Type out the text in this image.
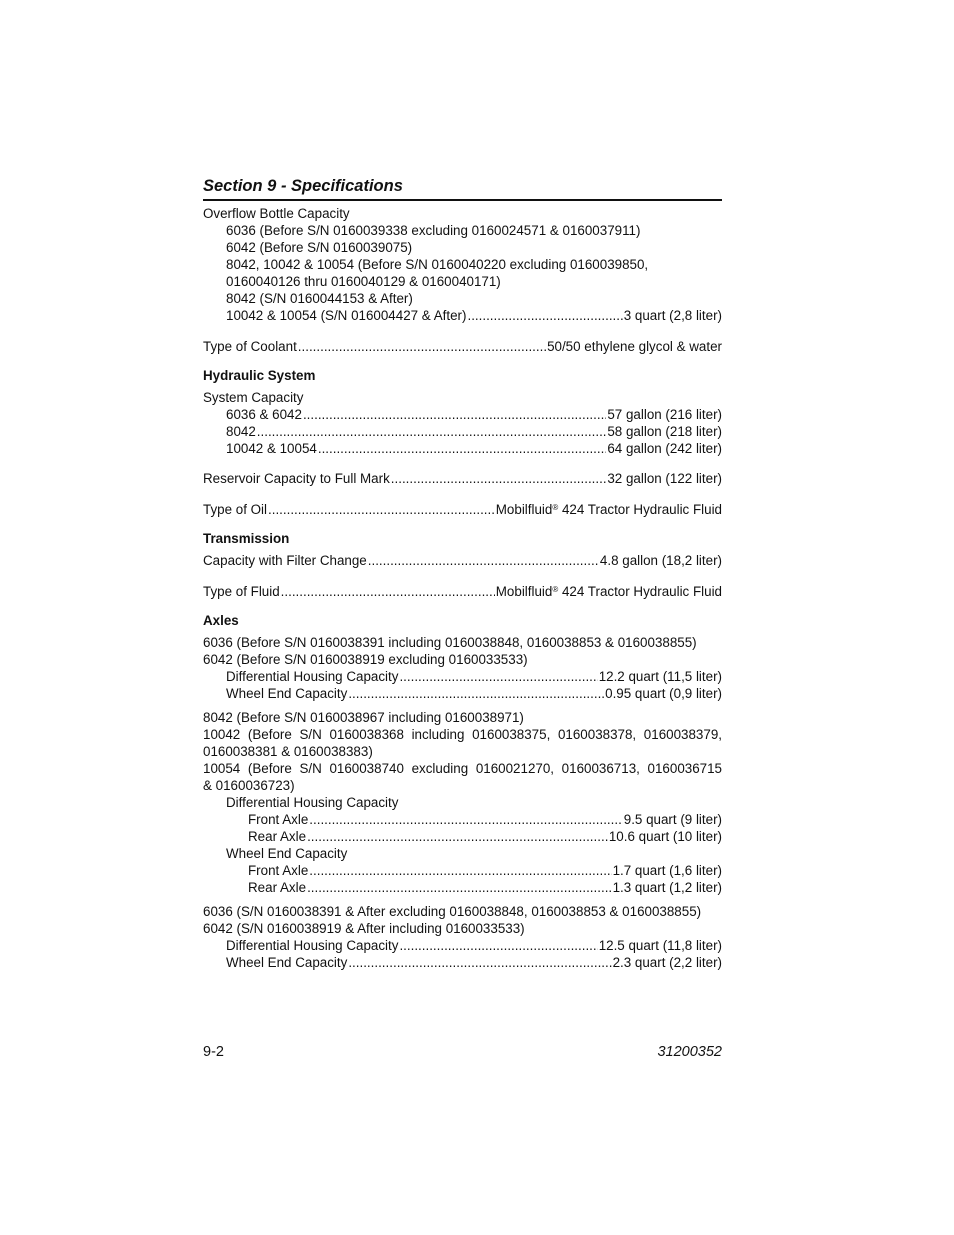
Section 9 - Specifications
Overflow Bottle Capacity
6036 (Before S/N 0160039338 excluding 0160024571 & 0160037911)
6042 (Before S/N 0160039075)
8042, 10042 & 10054 (Before S/N 0160040220 excluding 0160039850,
0160040126 thru 0160040129 & 0160040171)
8042 (S/N 0160044153 & After)
10042 & 10054 (S/N 016004427 & After) .....	3 quart (2,8 liter)
Type of Coolant .....	50/50 ethylene glycol & water
Hydraulic System
System Capacity
6036 & 6042 .....	57 gallon (216 liter)
8042 .....	58 gallon (218 liter)
10042 & 10054 .....	64 gallon (242 liter)
Reservoir Capacity to Full Mark .....	32 gallon (122 liter)
Type of Oil .....	Mobilfluid® 424 Tractor Hydraulic Fluid
Transmission
Capacity with Filter Change .....	4.8 gallon (18,2 liter)
Type of Fluid .....	Mobilfluid® 424 Tractor Hydraulic Fluid
Axles
6036 (Before S/N 0160038391 including 0160038848, 0160038853 & 0160038855)
6042 (Before S/N 0160038919 excluding 0160033533)
Differential Housing Capacity .....	12.2 quart (11,5 liter)
Wheel End Capacity .....	0.95 quart (0,9 liter)
8042 (Before S/N 0160038967 including 0160038971)
10042 (Before S/N 0160038368 including 0160038375, 0160038378, 0160038379,
0160038381 & 0160038383)
10054 (Before S/N 0160038740 excluding 0160021270, 0160036713, 0160036715
& 0160036723)
Differential Housing Capacity
Front Axle .....	9.5 quart (9 liter)
Rear Axle .....	10.6 quart (10 liter)
Wheel End Capacity
Front Axle .....	1.7 quart (1,6 liter)
Rear Axle .....	1.3 quart (1,2 liter)
6036 (S/N 0160038391 & After excluding 0160038848, 0160038853 & 0160038855)
6042 (S/N 0160038919 & After including 0160033533)
Differential Housing Capacity .....	12.5 quart (11,8 liter)
Wheel End Capacity .....	2.3 quart (2,2 liter)
9-2	31200352
